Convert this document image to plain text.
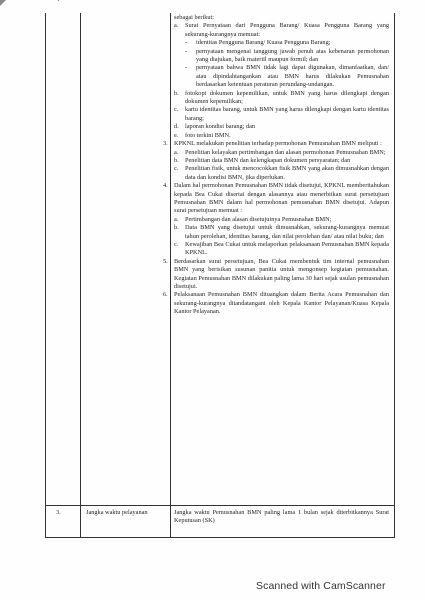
sebagai berikut:
a.	Surat Pernyataan dari Pengguna Barang/ Kuasa Pengguna Barang yang sekurang-kurangnya memuat:
-	identitas Pengguna Barang/ Kuasa Pengguna Barang;
-	pernyataan mengenai tanggung jawab penuh atas kebenaran permohonan yang diajukan, baik materiil maupun formil; dan
-	pernyataan bahwa BMN tidak lagi dapat digunakan, dimanfaatkan, dan/ atau dipindahtangankan atau BMN harus dilakukan Pemusnahan berdasarkan ketentuan peraturan perundang-undangan.
b. fotokopi dokumen kepemilikan, untuk BMN yang harus dilengkapi dengan dokumen kepemilikan;
c.	kartu identitas barang, untuk BMN yang harus dilengkapi dengan kartu identitas barang;
d. laporan kondisi barang; dan
e.	foto terkini BMN.
3. KPKNL melakukan penelitian terhadap permohonan Pemusnahan BMN meliputi :
a.	Penelitian kelayakan pertimbangan dan alasan permohonan Pemusnahan BMN;
b. Penelitian data BMN dan kelengkapan dokumen persyaratan; dan
c.	Penelitian fisik, untuk mencocokkan fisik BMN yang akan dimusnahkan dengan data dan kondisi BMN, jika diperlukan.
4. Dalam hal permohonan Pemusnahan BMN tidak disetujui, KPKNL memberitahukan kepada Bea Cukai disertai dengan alasannya atau menerbitkan surat persetujuan Pemusnahan BMN dalam hal permohonan pemusnahan BMN disetujui. Adapun surat persetujuan memuat :
a.	Pertimbangan dan alasan disetujuinya Pemusnahan BMN;
b. Data BMN yang disetujui untuk dimusnahkan, sekurang-kurangnya memuat tahun perolehan, identitas barang, dan nilai perolehan dan/ atau nilai buku; dan
c.	Kewajiban Bea Cukai untuk melaporkan pelaksanaan Pemusnahan BMN kepada KPKNL.
5. Berdasarkan surat persetujuan, Bea Cukai membentuk tim internal pemusnahan BMN yang berisikan susunan panitia untuk mengonsep kegiatan pemusnahan. Kegiatan Pemusnahan BMN dilakukan paling lama 30 hari sejak usulan pemusnahan disetujui.
6. Pelaksanaan Pemusnahan BMN dituangkan dalam Berita Acara Pemusnahan dan sekurang-kurangnya ditandatangani oleh Kepala Kantor Pelayanan/Kuasa Kepala Kantor Pelayanan.
3.	Jangka waktu pelayanan	Jangka waktu Pemusnahan BMN paling lama 1 bulan sejak diterbitkannya Surat Keputusan (SK)
Scanned with CamScanner
